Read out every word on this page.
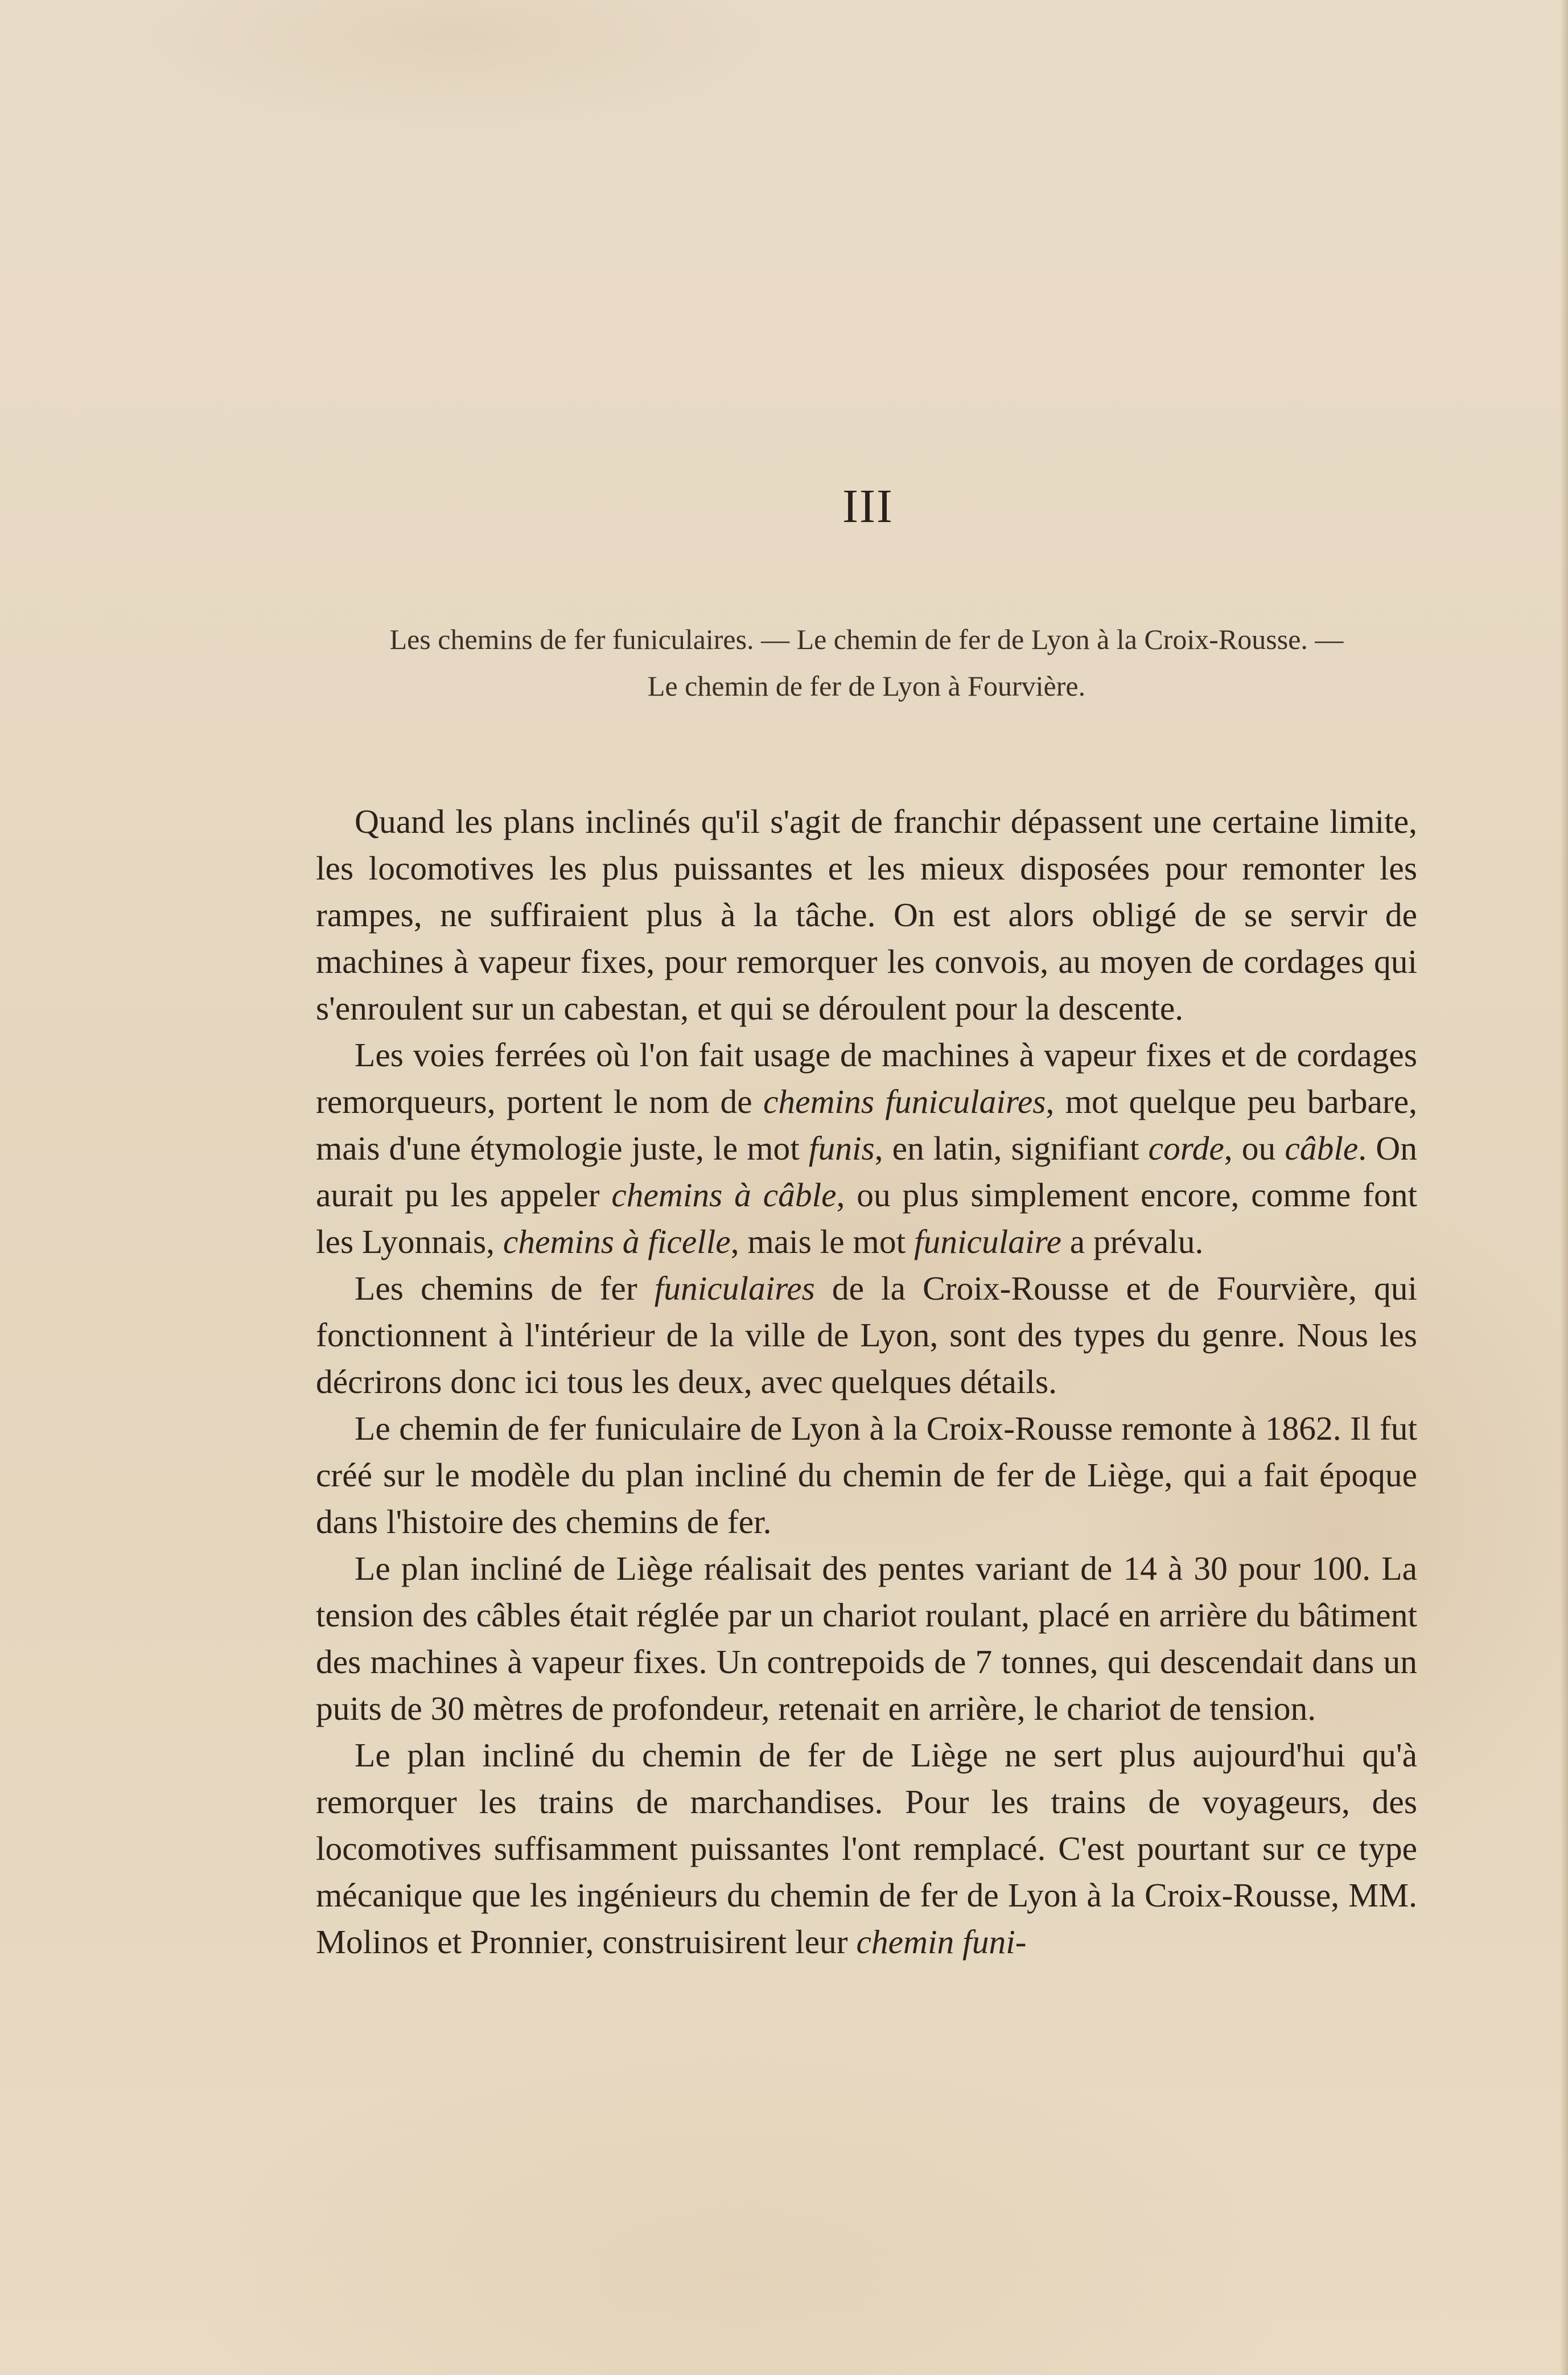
III
Les chemins de fer funiculaires. — Le chemin de fer de Lyon à la Croix-Rousse. —
Le chemin de fer de Lyon à Fourvière.

Quand les plans inclinés qu'il s'agit de franchir dépassent une certaine limite, les locomotives les plus puissantes et les mieux disposées pour remonter les rampes, ne suffiraient plus à la tâche. On est alors obligé de se servir de machines à vapeur fixes, pour remorquer les convois, au moyen de cordages qui s'enroulent sur un cabestan, et qui se déroulent pour la descente.

Les voies ferrées où l'on fait usage de machines à vapeur fixes et de cordages remorqueurs, portent le nom de chemins funiculaires, mot quelque peu barbare, mais d'une étymologie juste, le mot funis, en latin, signifiant corde, ou câble. On aurait pu les appeler chemins à câble, ou plus simplement encore, comme font les Lyonnais, chemins à ficelle, mais le mot funiculaire a prévalu.

Les chemins de fer funiculaires de la Croix-Rousse et de Fourvière, qui fonctionnent à l'intérieur de la ville de Lyon, sont des types du genre. Nous les décrirons donc ici tous les deux, avec quelques détails.

Le chemin de fer funiculaire de Lyon à la Croix-Rousse remonte à 1862. Il fut créé sur le modèle du plan incliné du chemin de fer de Liège, qui a fait époque dans l'histoire des chemins de fer.

Le plan incliné de Liège réalisait des pentes variant de 14 à 30 pour 100. La tension des câbles était réglée par un chariot roulant, placé en arrière du bâtiment des machines à vapeur fixes. Un contrepoids de 7 tonnes, qui descendait dans un puits de 30 mètres de profondeur, retenait en arrière, le chariot de tension.

Le plan incliné du chemin de fer de Liège ne sert plus aujourd'hui qu'à remorquer les trains de marchandises. Pour les trains de voyageurs, des locomotives suffisamment puissantes l'ont remplacé. C'est pourtant sur ce type mécanique que les ingénieurs du chemin de fer de Lyon à la Croix-Rousse, MM. Molinos et Pronnier, construisirent leur chemin funi-
